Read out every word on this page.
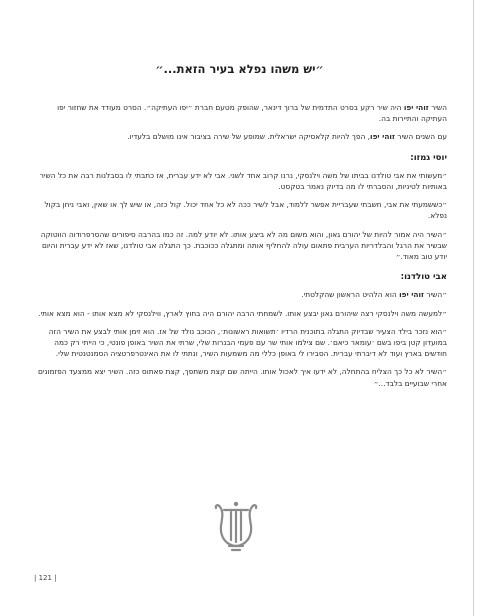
״יש משהו נפלא בעיר הזאת...״

השיר זוהי יפו היה שיר רקע בסרט התדמית של ברוך דינאר, שהופק מטעם חברת ״יפו העתיקה״. הסרט מעודד את שחזור יפו העתיקה והתיירות בה.

עם השנים השיר זוהי יפו, הפך להיות קלאסיקה ישראלית. שמופע של שירה בציבור אינו מושלם בלעדיו.

יוסי גמזו:

״מעשותי את אבי טולדנו בביתו של משה וילנסקי, נרנו קרוב אחד לשני. אבי לא ידע עברית, אז כתבתי לו בסבלנות רבה את כל השיר באותיות לטיניות, והסברתי לו מה בדיוק נאמר בטקסט.

״כששמעתי את אבי, חשבתי שעבריית אפשר ללמוד, אבל לשיר ככה לא כל אחד יכול. קול כזה, או שיש לך או שאין, ואבי ניחן בקול נפלא.

״השיר היה אמור להיות של יהורם גאון, והוא משום מה לא ביצע אותו. לא יודע למה. זה כמו בהרבה סיפורים שהסרפרודוה הווטוקה שבשיר את הרגל והבלדריות הערבית פתאום עולה להחליף אותה ומתגלה ככוכבת. כך התגלה אבי טולדנו, שאז לא ידע עברית והיום יודע טוב מאוד.״

אבי טולדנו:

״השיר זוהי יפו הוא הלהיט הראשון שהקלטתי.

״למעשה משה וילנסקי רצה שיהורם גאון יבצע אותו. לשמחתי הרבה יהורם היה בחוץ לארץ, ווילנסקי לא מצא אותו - הוא מצא אותי.

״הוא נזכר בילד הצעיר שבדיוק התגלה בתוכנית הרדיו ׳תשואות ראשונות׳, הכוכב נולד של אז. הוא זימן אותי לבצע את השיר הזה במועדון קטן ביפו בשם ׳עומאר כיאם׳. שם צילמו אותי שר עם פעמי הבנרות שלי, שרתי את השיר באופן פונטי, כי הייתי רק כמה חודשים בארץ ועוד לא דיברתי עברית. הסבירו לי באופן כללי מה משמעות השיר, ונתתי לו את האינטרפרטציה הסמנטנטית שלי.

״השיר לא כל כך הצליח בהתחלה, לא ידעו איך לאכול אותו. הייתה שם קצת משתפך, קצת פאתוס כזה. השיר יצא ממצעד הפזמונים אחרי שבועיים בלבד...״

| 121 |
